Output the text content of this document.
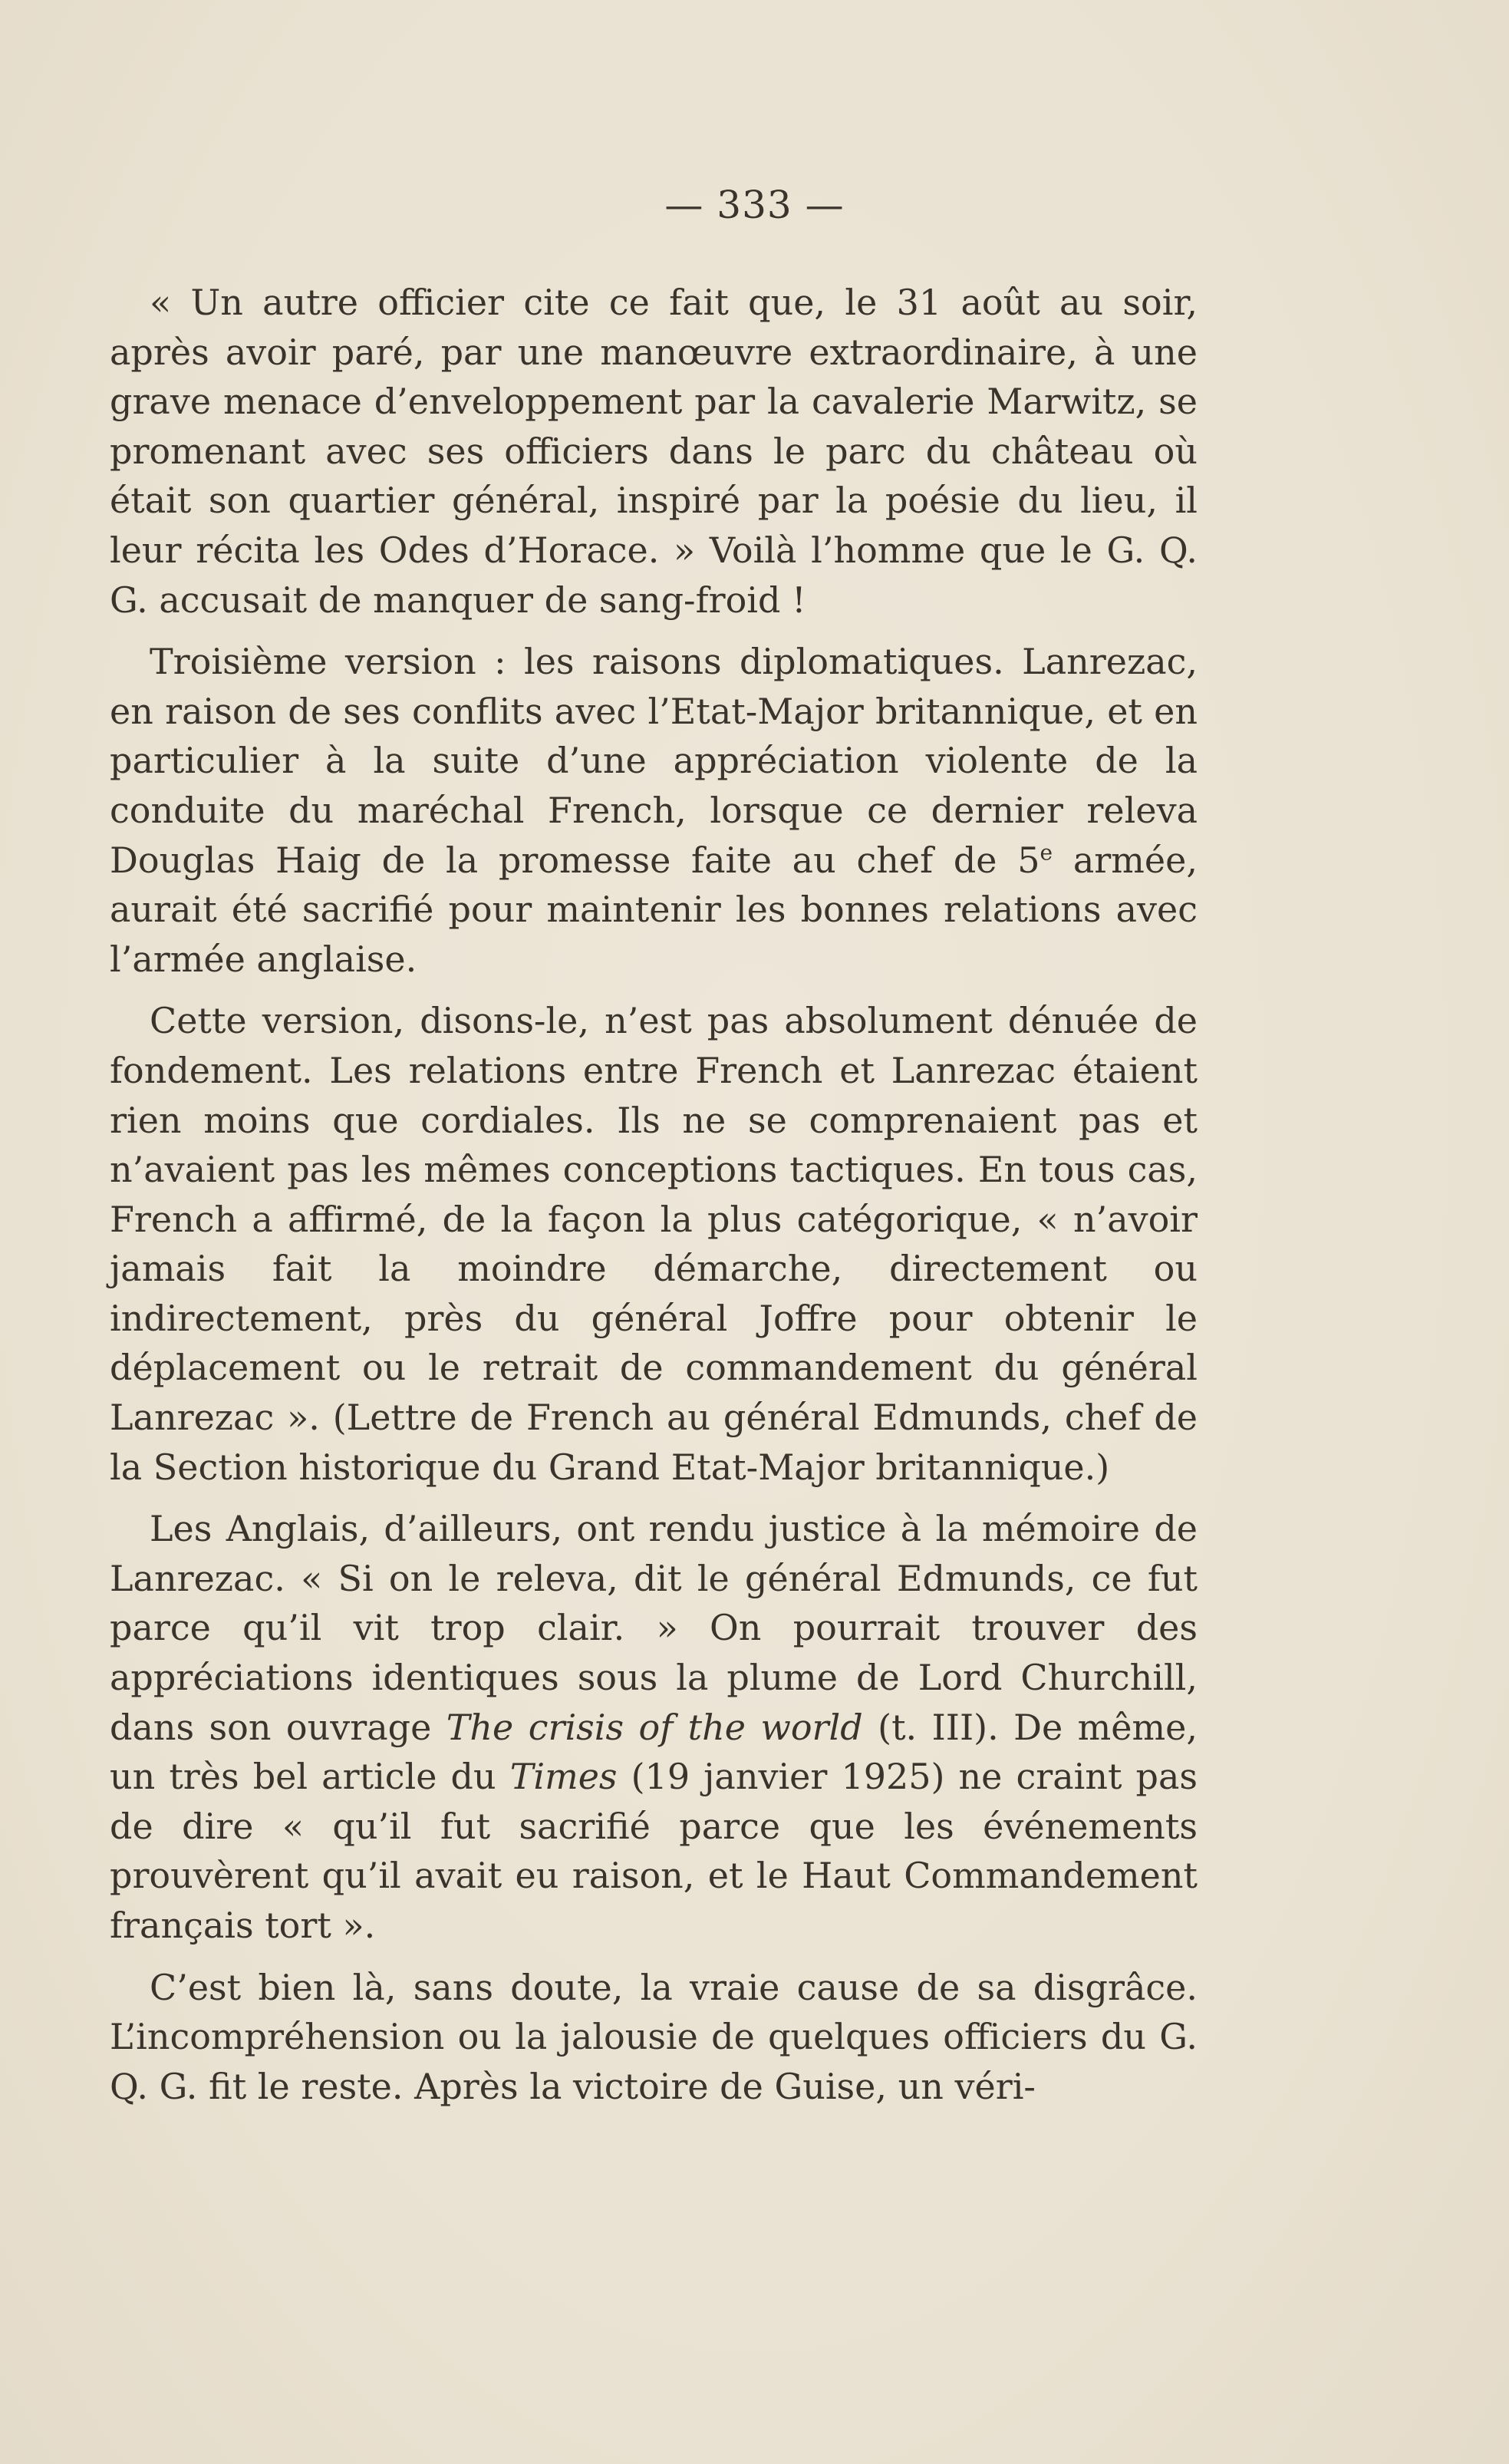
— 333 —

« Un autre officier cite ce fait que, le 31 août au soir, après avoir paré, par une manœuvre extraordinaire, à une grave menace d’enveloppement par la cavalerie Marwitz, se promenant avec ses officiers dans le parc du château où était son quartier général, inspiré par la poésie du lieu, il leur récita les Odes d’Horace. » Voilà l’homme que le G. Q. G. accusait de manquer de sang-froid !

Troisième version : les raisons diplomatiques. Lanrezac, en raison de ses conflits avec l’Etat-Major britannique, et en particulier à la suite d’une appréciation violente de la conduite du maréchal French, lorsque ce dernier releva Douglas Haig de la promesse faite au chef de 5e armée, aurait été sacrifié pour maintenir les bonnes relations avec l’armée anglaise.

Cette version, disons-le, n’est pas absolument dénuée de fondement. Les relations entre French et Lanrezac étaient rien moins que cordiales. Ils ne se comprenaient pas et n’avaient pas les mêmes conceptions tactiques. En tous cas, French a affirmé, de la façon la plus catégorique, « n’avoir jamais fait la moindre démarche, directement ou indirectement, près du général Joffre pour obtenir le déplacement ou le retrait de commandement du général Lanrezac ». (Lettre de French au général Edmunds, chef de la Section historique du Grand Etat-Major britannique.)

Les Anglais, d’ailleurs, ont rendu justice à la mémoire de Lanrezac. « Si on le releva, dit le général Edmunds, ce fut parce qu’il vit trop clair. » On pourrait trouver des appréciations identiques sous la plume de Lord Churchill, dans son ouvrage The crisis of the world (t. III). De même, un très bel article du Times (19 janvier 1925) ne craint pas de dire « qu’il fut sacrifié parce que les événements prouvèrent qu’il avait eu raison, et le Haut Commandement français tort ».

C’est bien là, sans doute, la vraie cause de sa disgrâce. L’incompréhension ou la jalousie de quelques officiers du G. Q. G. fit le reste. Après la victoire de Guise, un véri-
